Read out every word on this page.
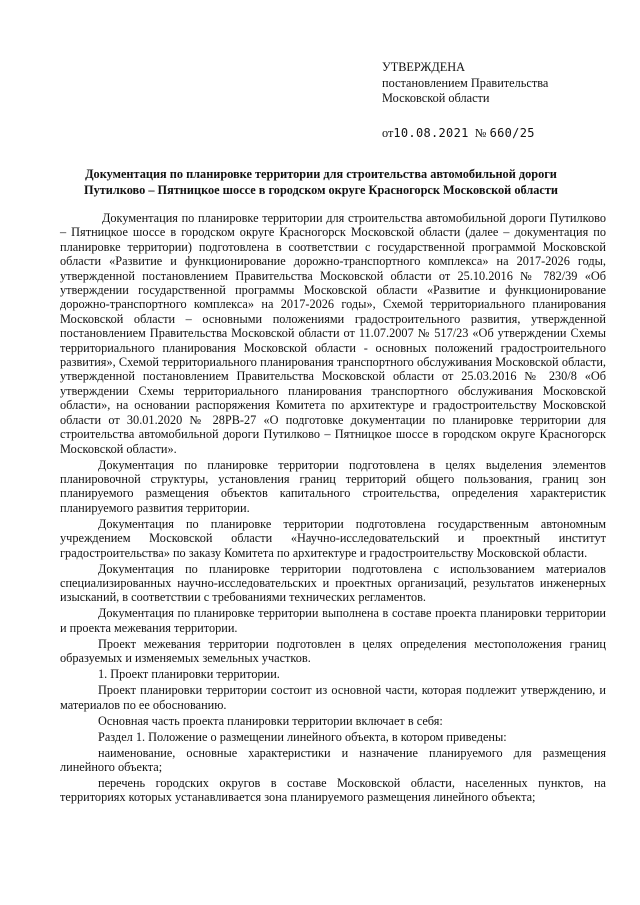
УТВЕРЖДЕНА
постановлением Правительства
Московской области
от10.08.2021 № 660/25
Документация по планировке территории для строительства автомобильной дороги
Путилково – Пятницкое шоссе в городском округе Красногорск Московской области

Документация по планировке территории для строительства автомобильной дороги Путилково – Пятницкое шоссе в городском округе Красногорск Московской области (далее – документация по планировке территории) подготовлена в соответствии с государственной программой Московской области «Развитие и функционирование дорожно-транспортного комплекса» на 2017-2026 годы, утвержденной постановлением Правительства Московской области от 25.10.2016 № 782/39 «Об утверждении государственной программы Московской области «Развитие и функционирование дорожно-транспортного комплекса» на 2017-2026 годы», Схемой территориального планирования Московской области – основными положениями градостроительного развития, утвержденной постановлением Правительства Московской области от 11.07.2007 № 517/23 «Об утверждении Схемы территориального планирования Московской области - основных положений градостроительного развития», Схемой территориального планирования транспортного обслуживания Московской области, утвержденной постановлением Правительства Московской области от 25.03.2016 № 230/8 «Об утверждении Схемы территориального планирования транспортного обслуживания Московской области», на основании распоряжения Комитета по архитектуре и градостроительству Московской области от 30.01.2020 № 28РВ-27 «О подготовке документации по планировке территории для строительства автомобильной дороги Путилково – Пятницкое шоссе в городском округе Красногорск Московской области».

Документация по планировке территории подготовлена в целях выделения элементов планировочной структуры, установления границ территорий общего пользования, границ зон планируемого размещения объектов капитального строительства, определения характеристик планируемого развития территории.

Документация по планировке территории подготовлена государственным автономным учреждением Московской области «Научно-исследовательский и проектный институт градостроительства» по заказу Комитета по архитектуре и градостроительству Московской области.

Документация по планировке территории подготовлена с использованием материалов специализированных научно-исследовательских и проектных организаций, результатов инженерных изысканий, в соответствии с требованиями технических регламентов.

Документация по планировке территории выполнена в составе проекта планировки территории и проекта межевания территории.

Проект межевания территории подготовлен в целях определения местоположения границ образуемых и изменяемых земельных участков.

1. Проект планировки территории.

Проект планировки территории состоит из основной части, которая подлежит утверждению, и материалов по ее обоснованию.

Основная часть проекта планировки территории включает в себя:

Раздел 1. Положение о размещении линейного объекта, в котором приведены:

наименование, основные характеристики и назначение планируемого для размещения линейного объекта;

перечень городских округов в составе Московской области, населенных пунктов, на территориях которых устанавливается зона планируемого размещения линейного объекта;
